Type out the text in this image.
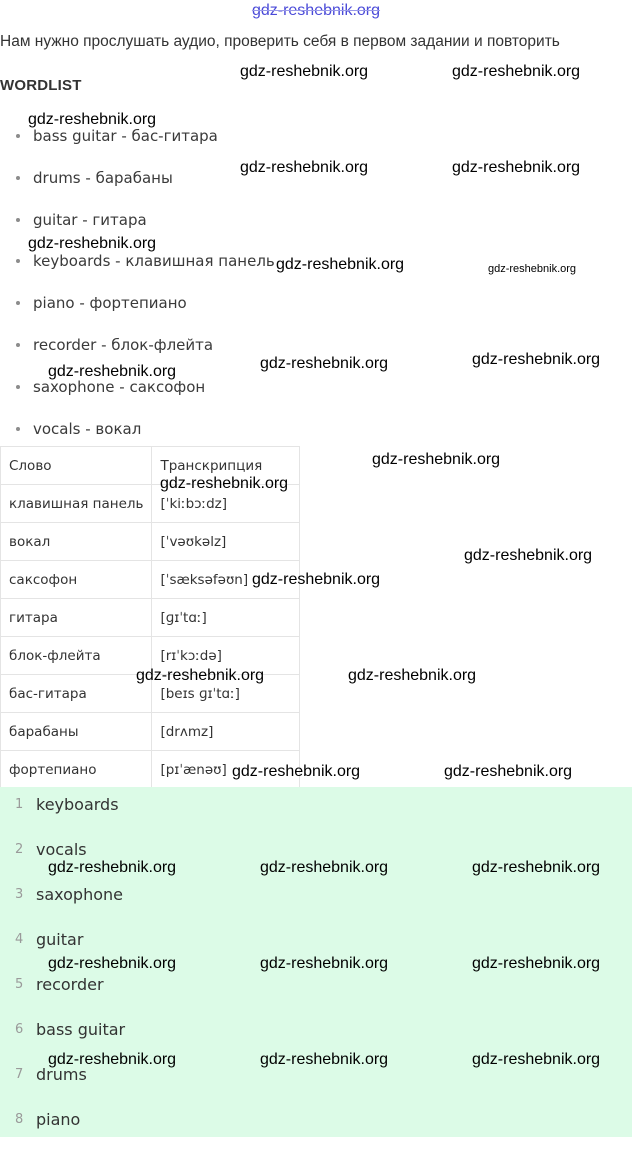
gdz-reshebnik.org
Нам нужно прослушать аудио, проверить себя в первом задании и повторить
WORDLIST
bass guitar - бас-гитара
drums - барабаны
guitar - гитара
keyboards - клавишная панель
piano - фортепиано
recorder - блок-флейта
saxophone - саксофон
vocals - вокал
Слово	Транскрипция
клавишная панель	[ˈkiːbɔːdz]
вокал	[ˈvəʊkəlz]
саксофон	[ˈsæksəfəʊn]
гитара	[ɡɪˈtɑː]
блок-флейта	[rɪˈkɔːdə]
бас-гитара	[beɪs ɡɪˈtɑː]
барабаны	[drʌmz]
фортепиано	[pɪˈænəʊ]
1 keyboards
2 vocals
3 saxophone
4 guitar
5 recorder
6 bass guitar
7 drums
8 piano
gdz-reshebnik.org	gdz-reshebnik.org
gdz-reshebnik.org
gdz-reshebnik.org	gdz-reshebnik.org
gdz-reshebnik.org
gdz-reshebnik.org	gdz-reshebnik.org
gdz-reshebnik.org	gdz-reshebnik.org
gdz-reshebnik.org
gdz-reshebnik.org
gdz-reshebnik.org
gdz-reshebnik.org
gdz-reshebnik.org
gdz-reshebnik.org	gdz-reshebnik.org
gdz-reshebnik.org	gdz-reshebnik.org
gdz-reshebnik.org	gdz-reshebnik.org	gdz-reshebnik.org
gdz-reshebnik.org	gdz-reshebnik.org	gdz-reshebnik.org
gdz-reshebnik.org	gdz-reshebnik.org	gdz-reshebnik.org
